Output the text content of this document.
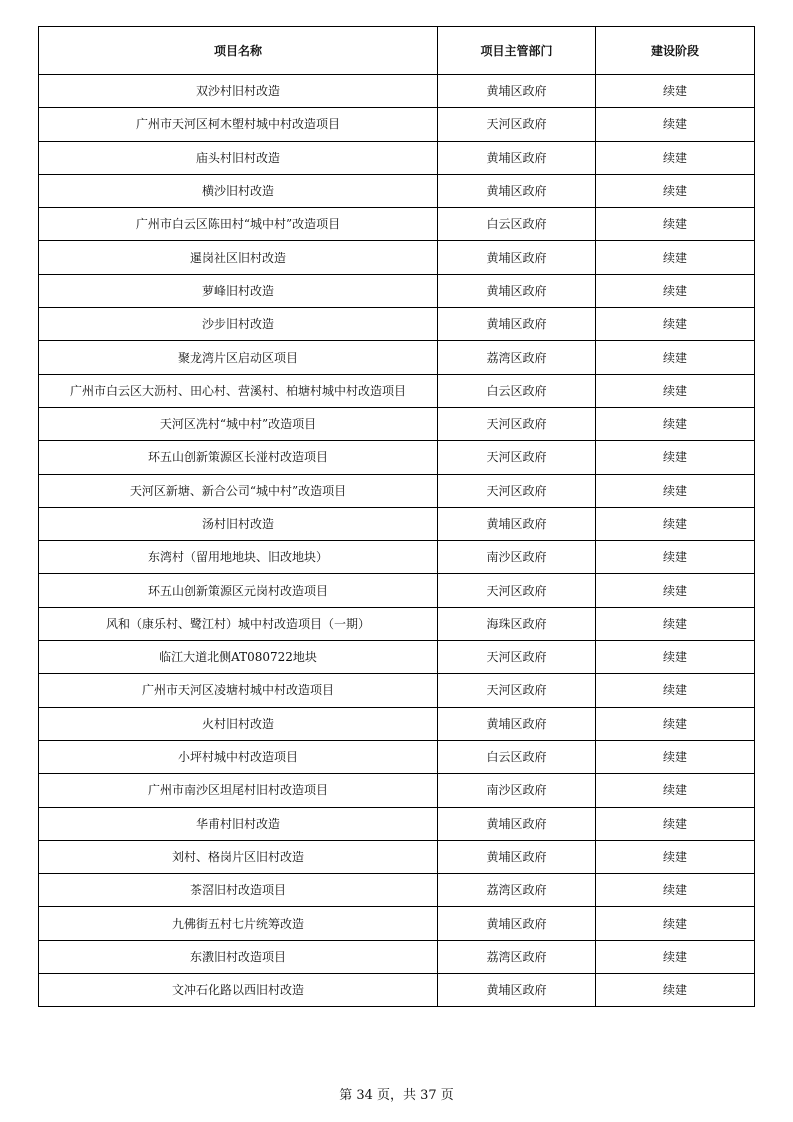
项目名称	项目主管部门	建设阶段
双沙村旧村改造	黄埔区政府	续建
广州市天河区柯木塱村城中村改造项目	天河区政府	续建
庙头村旧村改造	黄埔区政府	续建
横沙旧村改造	黄埔区政府	续建
广州市白云区陈田村“城中村”改造项目	白云区政府	续建
暹岗社区旧村改造	黄埔区政府	续建
萝峰旧村改造	黄埔区政府	续建
沙步旧村改造	黄埔区政府	续建
聚龙湾片区启动区项目	荔湾区政府	续建
广州市白云区大沥村、田心村、营溪村、柏塘村城中村改造项目	白云区政府	续建
天河区冼村“城中村”改造项目	天河区政府	续建
环五山创新策源区长湴村改造项目	天河区政府	续建
天河区新塘、新合公司“城中村”改造项目	天河区政府	续建
汤村旧村改造	黄埔区政府	续建
东湾村（留用地地块、旧改地块）	南沙区政府	续建
环五山创新策源区元岗村改造项目	天河区政府	续建
风和（康乐村、鹭江村）城中村改造项目（一期）	海珠区政府	续建
临江大道北侧AT080722地块	天河区政府	续建
广州市天河区凌塘村城中村改造项目	天河区政府	续建
火村旧村改造	黄埔区政府	续建
小坪村城中村改造项目	白云区政府	续建
广州市南沙区坦尾村旧村改造项目	南沙区政府	续建
华甫村旧村改造	黄埔区政府	续建
刘村、格岗片区旧村改造	黄埔区政府	续建
茶滘旧村改造项目	荔湾区政府	续建
九佛街五村七片统筹改造	黄埔区政府	续建
东漖旧村改造项目	荔湾区政府	续建
文冲石化路以西旧村改造	黄埔区政府	续建
第 34 页，共 37 页
